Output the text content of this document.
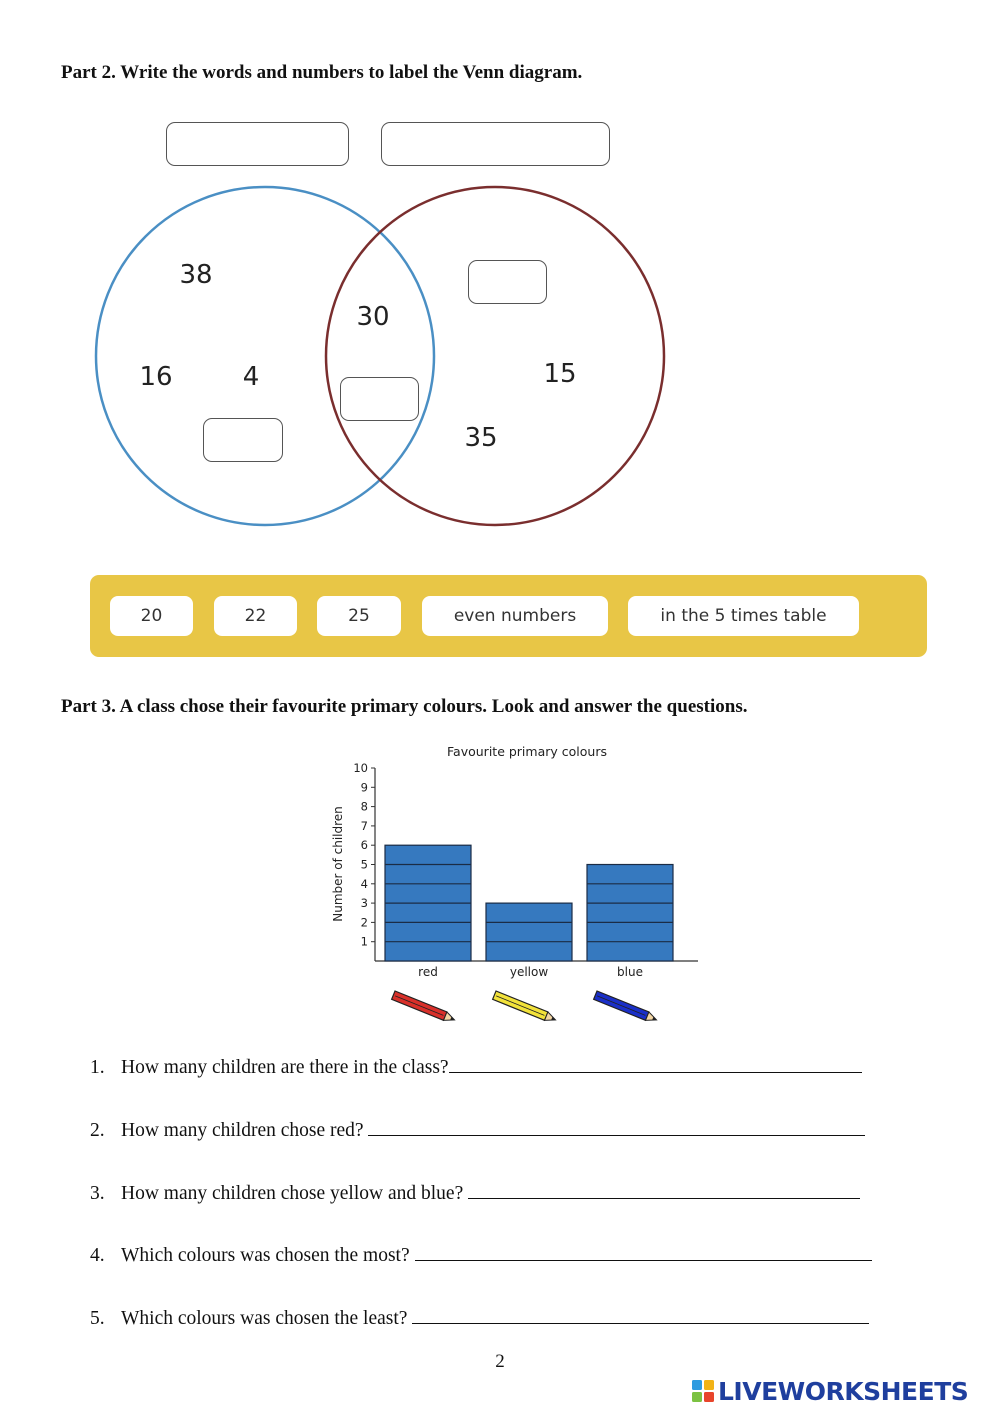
Part 2. Write the words and numbers to label the Venn diagram.
38
16	4
30
15
35
20	22	25	even numbers	in the 5 times table
Part 3. A class chose their favourite primary colours. Look and answer the questions.
Favourite primary colours
Number of children
1
2
3
4
5
6
7
8
9
10
red	yellow	blue
1. How many children are there in the class?
2. How many children chose red?
3. How many children chose yellow and blue?
4. Which colours was chosen the most?
5. Which colours was chosen the least?
2
LIVEWORKSHEETS
